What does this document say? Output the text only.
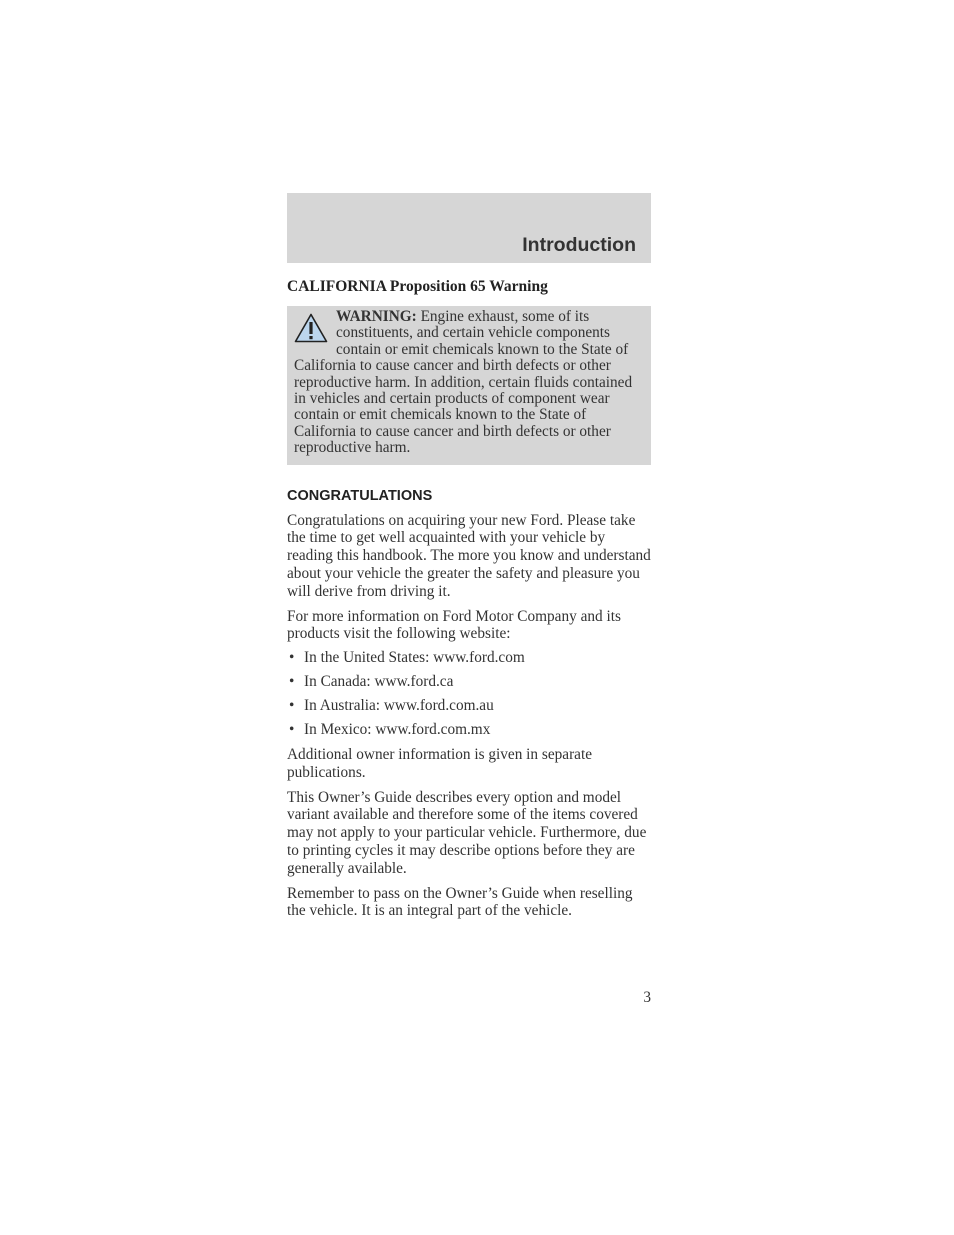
Introduction
CALIFORNIA Proposition 65 Warning
WARNING: Engine exhaust, some of its constituents, and certain vehicle components contain or emit chemicals known to the State of California to cause cancer and birth defects or other reproductive harm. In addition, certain fluids contained in vehicles and certain products of component wear contain or emit chemicals known to the State of California to cause cancer and birth defects or other reproductive harm.
CONGRATULATIONS

Congratulations on acquiring your new Ford. Please take the time to get well acquainted with your vehicle by reading this handbook. The more you know and understand about your vehicle the greater the safety and pleasure you will derive from driving it.

For more information on Ford Motor Company and its products visit the following website:

• In the United States: www.ford.com
• In Canada: www.ford.ca
• In Australia: www.ford.com.au
• In Mexico: www.ford.com.mx

Additional owner information is given in separate publications.

This Owner’s Guide describes every option and model variant available and therefore some of the items covered may not apply to your particular vehicle. Furthermore, due to printing cycles it may describe options before they are generally available.

Remember to pass on the Owner’s Guide when reselling the vehicle. It is an integral part of the vehicle.

3
